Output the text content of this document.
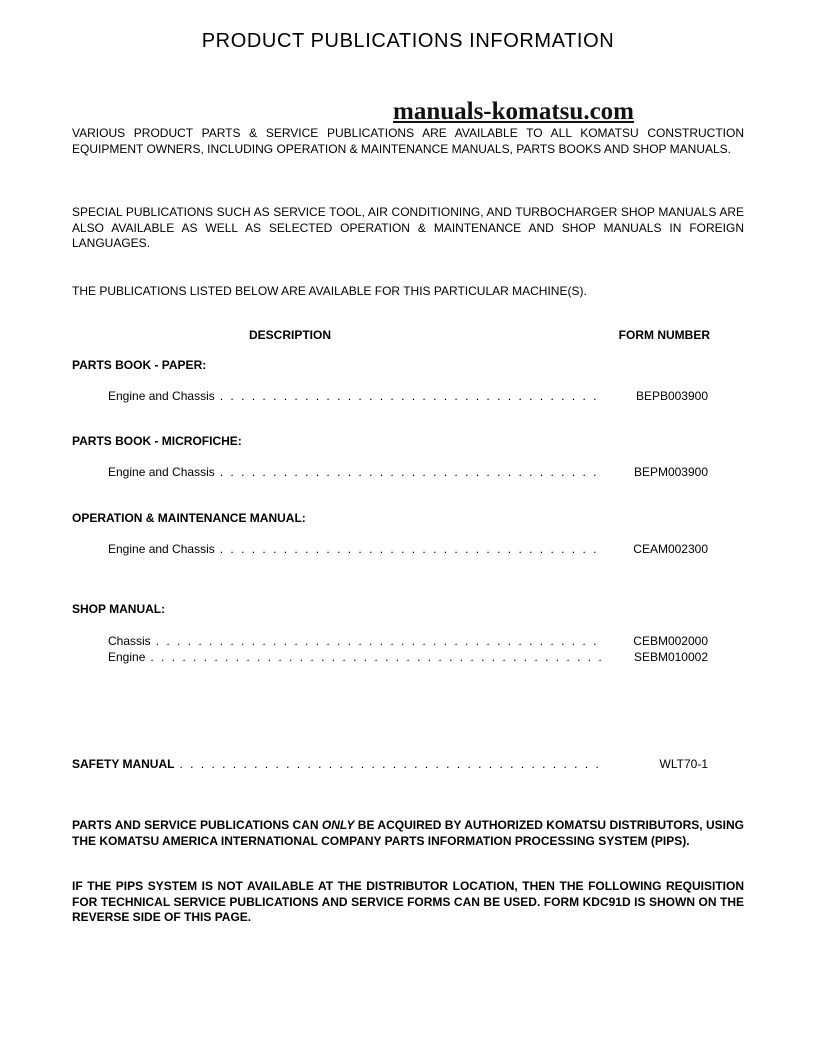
PRODUCT PUBLICATIONS INFORMATION
manuals-komatsu.com

VARIOUS PRODUCT PARTS & SERVICE PUBLICATIONS ARE AVAILABLE TO ALL KOMATSU CONSTRUCTION EQUIPMENT OWNERS, INCLUDING OPERATION & MAINTENANCE MANUALS, PARTS BOOKS AND SHOP MANUALS.

SPECIAL PUBLICATIONS SUCH AS SERVICE TOOL, AIR CONDITIONING, AND TURBOCHARGER SHOP MANUALS ARE ALSO AVAILABLE AS WELL AS SELECTED OPERATION & MAINTENANCE AND SHOP MANUALS IN FOREIGN LANGUAGES.

THE PUBLICATIONS LISTED BELOW ARE AVAILABLE FOR THIS PARTICULAR MACHINE(S).

DESCRIPTION	FORM NUMBER
PARTS BOOK - PAPER:
Engine and Chassis . . .	BEPB003900
PARTS BOOK - MICROFICHE:
Engine and Chassis . . .	BEPM003900
OPERATION & MAINTENANCE MANUAL:
Engine and Chassis . . .	CEAM002300
SHOP MANUAL:
Chassis . . .	CEBM002000
Engine . . .	SEBM010002
SAFETY MANUAL . . .	WLT70-1

PARTS AND SERVICE PUBLICATIONS CAN ONLY BE ACQUIRED BY AUTHORIZED KOMATSU DISTRIBUTORS, USING THE KOMATSU AMERICA INTERNATIONAL COMPANY PARTS INFORMATION PROCESSING SYSTEM (PIPS).

IF THE PIPS SYSTEM IS NOT AVAILABLE AT THE DISTRIBUTOR LOCATION, THEN THE FOLLOWING REQUISITION FOR TECHNICAL SERVICE PUBLICATIONS AND SERVICE FORMS CAN BE USED. FORM KDC91D IS SHOWN ON THE REVERSE SIDE OF THIS PAGE.
